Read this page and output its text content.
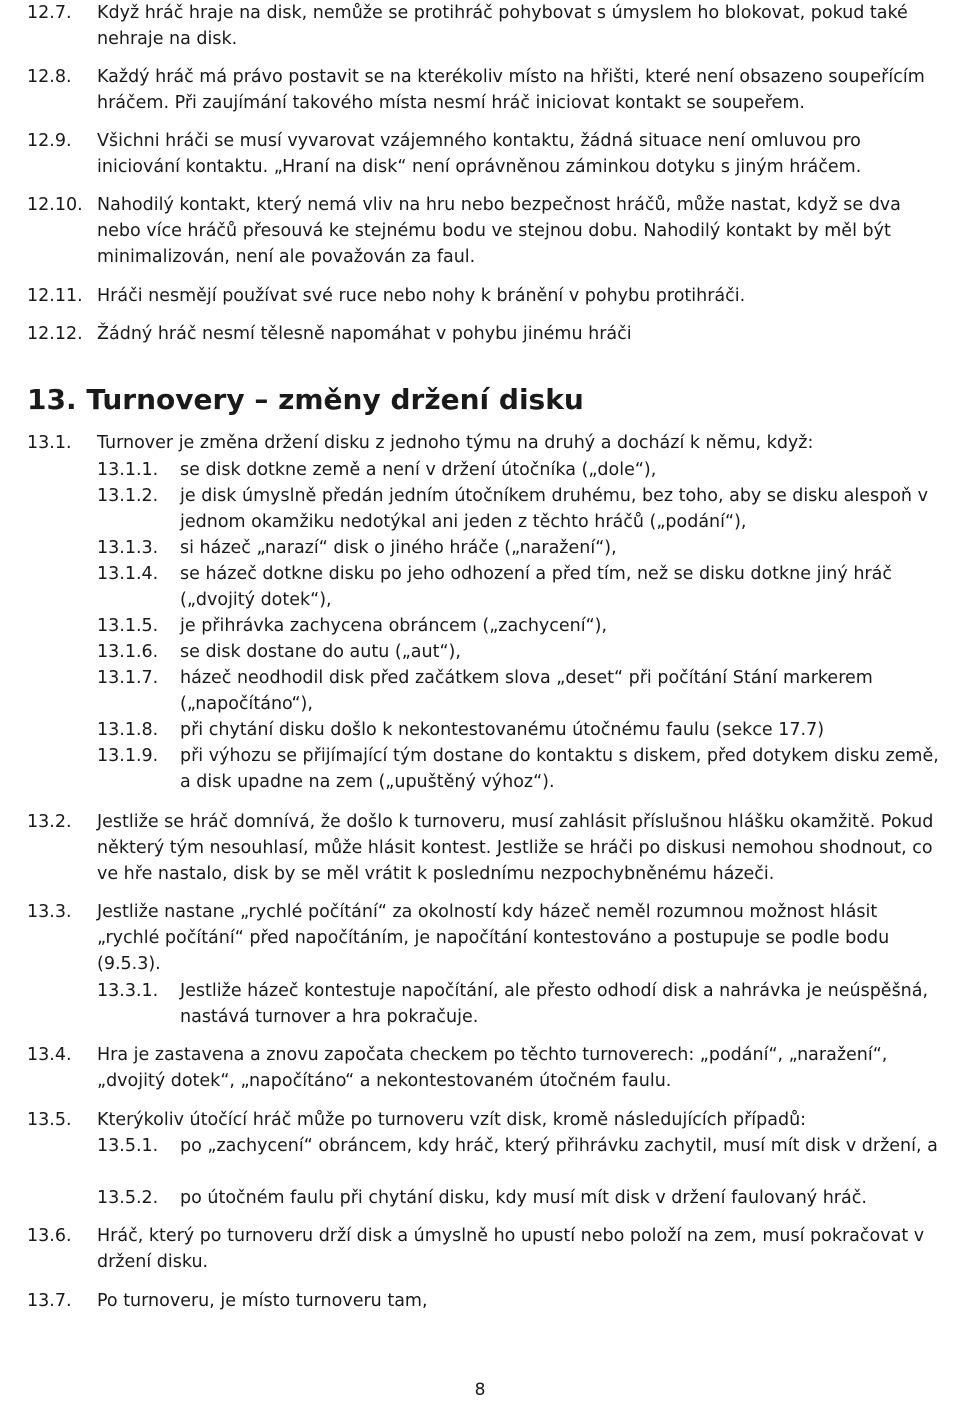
12.7. Když hráč hraje na disk, nemůže se protihráč pohybovat s úmyslem ho blokovat, pokud také nehraje na disk.
12.8. Každý hráč má právo postavit se na kterékoliv místo na hřišti, které není obsazeno soupeřícím hráčem. Při zaujímání takového místa nesmí hráč iniciovat kontakt se soupeřem.
12.9. Všichni hráči se musí vyvarovat vzájemného kontaktu, žádná situace není omluvou pro iniciování kontaktu. „Hraní na disk“ není oprávněnou záminkou dotyku s jiným hráčem.
12.10. Nahodilý kontakt, který nemá vliv na hru nebo bezpečnost hráčů, může nastat, když se dva nebo více hráčů přesouvá ke stejnému bodu ve stejnou dobu. Nahodilý kontakt by měl být minimalizován, není ale považován za faul.
12.11. Hráči nesmějí používat své ruce nebo nohy k bránění v pohybu protihráči.
12.12. Žádný hráč nesmí tělesně napomáhat v pohybu jinému hráči
13. Turnovery – změny držení disku
13.1. Turnover je změna držení disku z jednoho týmu na druhý a dochází k němu, když:
13.1.1. se disk dotkne země a není v držení útočníka („dole“),
13.1.2. je disk úmyslně předán jedním útočníkem druhému, bez toho, aby se disku alespoň v jednom okamžiku nedotýkal ani jeden z těchto hráčů („podání“),
13.1.3. si házeč „narazí“ disk o jiného hráče („naražení“),
13.1.4. se házeč dotkne disku po jeho odhození a před tím, než se disku dotkne jiný hráč („dvojitý dotek“),
13.1.5. je přihrávka zachycena obráncem („zachycení“),
13.1.6. se disk dostane do autu („aut“),
13.1.7. házeč neodhodil disk před začátkem slova „deset“ při počítání Stání markerem („napočítáno“),
13.1.8. při chytání disku došlo k nekontestovanému útočnému faulu (sekce 17.7)
13.1.9. při výhozu se přijímající tým dostane do kontaktu s diskem, před dotykem disku země, a disk upadne na zem („upuštěný výhoz“).
13.2. Jestliže se hráč domnívá, že došlo k turnoveru, musí zahlásit příslušnou hlášku okamžitě. Pokud některý tým nesouhlasí, může hlásit kontest. Jestliže se hráči po diskusi nemohou shodnout, co ve hře nastalo, disk by se měl vrátit k poslednímu nezpochybněnému házeči.
13.3. Jestliže nastane „rychlé počítání“ za okolností kdy házeč neměl rozumnou možnost hlásit „rychlé počítání“ před napočítáním, je napočítání kontestováno a postupuje se podle bodu (9.5.3).
13.3.1. Jestliže házeč kontestuje napočítání, ale přesto odhodí disk a nahrávka je neúspěšná, nastává turnover a hra pokračuje.
13.4. Hra je zastavena a znovu započata checkem po těchto turnoverech: „podání“, „naražení“, „dvojitý dotek“, „napočítáno“ a nekontestovaném útočném faulu.
13.5. Kterýkoliv útočící hráč může po turnoveru vzít disk, kromě následujících případů:
13.5.1. po „zachycení“ obráncem, kdy hráč, který přihrávku zachytil, musí mít disk v držení, a
13.5.2. po útočném faulu při chytání disku, kdy musí mít disk v držení faulovaný hráč.
13.6. Hráč, který po turnoveru drží disk a úmyslně ho upustí nebo položí na zem, musí pokračovat v držení disku.
13.7. Po turnoveru, je místo turnoveru tam,
8
